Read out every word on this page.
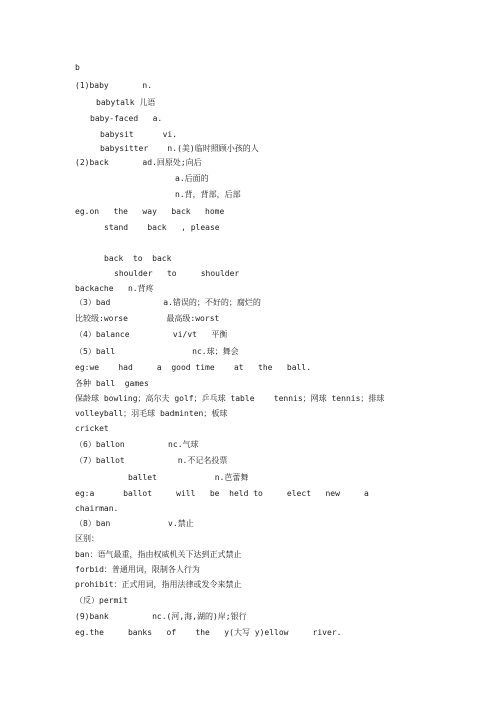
b
(1)baby       n.
babytalk 儿语
baby-faced   a.
babysit      vi.
babysitter    n.(美)临时照顾小孩的人
(2)back       ad.回原处;向后
a.后面的
n.背，背部，后部
eg.on   the   way   back   home
stand    back   , please
back  to  back
shoulder   to     shoulder
backache   n.背疼
（3）bad           a.错误的；不好的；腐烂的
比较级:worse        最高级:worst
（4）balance         vi/vt   平衡
（5）ball                nc.球；舞会
eg:we    had     a  good time    at   the   ball.
各种 ball  games
保龄球 bowling；高尔夫 golf；乒乓球 table    tennis；网球 tennis；排球
volleyball；羽毛球 badminten；板球
cricket
（6）ballon         nc.气球
（7）ballot           n.不记名投票
ballet            n.芭蕾舞
eg:a      ballot     will   be  held to     elect   new     a
chairman.
（8）ban            v.禁止
区别：
ban：语气最重，指由权威机关下达到正式禁止
forbid：普通用词，限制各人行为
prohibit：正式用词，指用法律或发令来禁止
（反）permit
(9)bank         nc.(河,海,湖的)岸;银行
eg.the     banks   of    the   y(大写 y)ellow     river.
